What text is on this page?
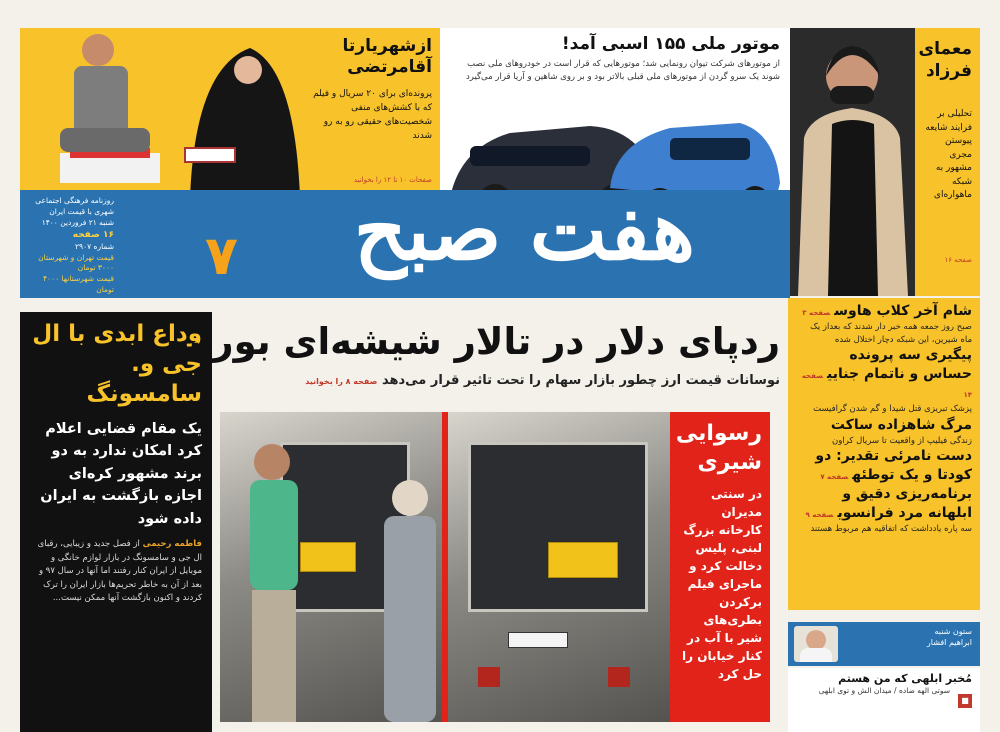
ازشهریارتا آقامرتضی
پرونده‌ای برای ۲۰ سریال و فیلم که با کشش‌های منفی شخصیت‌های حقیقی رو به رو شدند
صفحات ۱۰ تا ۱۲ را بخوانید
موتور ملی ۱۵۵ اسبی آمد!
از موتورهای شرکت تیوان رونمایی شد؛ موتورهایی که قرار است در خودروهای ملی نصب شوند یک سرو گردن از موتورهای ملی قبلی بالاتر بود و بر روی شاهین و آریا قرار می‌گیرد
معمای فرزاد
تحلیلی بر فرایند شایعه پیوستن مجری مشهور به شبکه ماهواره‌ای
صفحه ۱۶
روزنامه فرهنگی اجتماعی
شهری با قیمت ایران
شنبه ۲۱ فروردین ۱۴۰۰
۱۶ صفحه
شماره ۲۹۰۷
قیمت تهران و شهرستان ۳۰۰۰ تومان
قیمت شهرستانها ۴۰۰۰ تومان
هفت صبح
۷
وداع ابدی با ال جی و. سامسونگ
یک مقام قضایی اعلام کرد امکان ندارد به دو برند مشهور کره‌ای اجازه بازگشت به ایران داده شود
فاطمه رحیمی از فصل جدید و زیبایی، رقبای ال جی و سامسونگ در بازار لوازم خانگی و موبایل از ایران کنار رفتند اما آنها در سال ۹۷ و بعد از آن به خاطر تحریم‌ها بازار ایران را ترک کردند و اکنون بازگشت آنها ممکن نیست...
ردپای دلار در تالار شیشه‌ای بورس
نوسانات قیمت ارز چطور بازار سهام را تحت تاثیر قرار می‌دهد صفحه ۸ را بخوانید
رسوایی شیری
در سنتی مدیران کارخانه بزرگ لبنی، پلیس دخالت کرد و ماجرای فیلم برکردن بطری‌های شیر با آب در کنار خیابان را حل کرد
شام آخر کلاب هاوسصفحه ۳
صبح روز جمعه همه خبر دار شدند که بعداز یک ماه شیرین، این شبکه دچار اختلال شده
پیگیری سه پرونده حساس و ناتمام جناییصفحه ۱۴
پزشک تبریزی قتل شیدا و گم شدن گرافیست
مرگ شاهزاده ساکت
زندگی فیلیپ از واقعیت تا سریال کراون
دست نامرئی تقدیر: دو کودتا و یک توطئهصفحه ۷
برنامه‌ریزی دقیق و ابلهانه مرد فرانسویصفحه ۹
سه پاره یادداشت که اتفاقیه هم مربوط هستند
ستون شنبه
ابراهیم افشار
مُخبر ابلهی که من هستم
■
سوتی الهه ضاده / میدان الش و توی ابلهی
